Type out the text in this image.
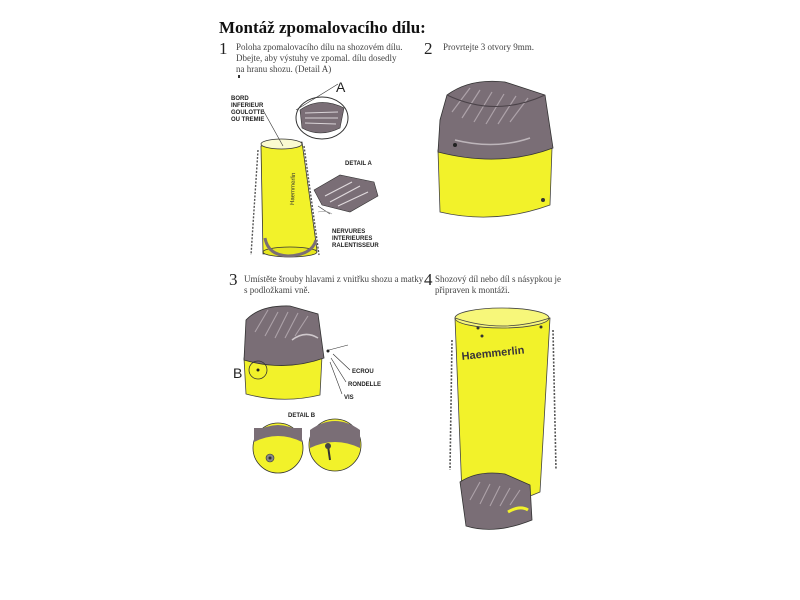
Montáž zpomalovacího dílu:
1 Poloha zpomalovacího dílu na shozovém dílu.
Dbejte, aby výstuhy ve zpomal. dílu dosedly
na hranu shozu. (Detail A)
2 Provrtejte 3 otvory 9mm.
3 Umístěte šrouby hlavami z vnitřku shozu a matky
s podložkami vně.
4 Shozový díl nebo díl s násypkou je
připraven k montáži.
Haemmerlin
BORD
INFERIEUR
GOULOTTE
OU TREMIE
A
DETAIL A
NERVURES
INTERIEURES
RALENTISSEUR
B	ECROU
RONDELLE
VIS
DETAIL B
Haemmerlin
